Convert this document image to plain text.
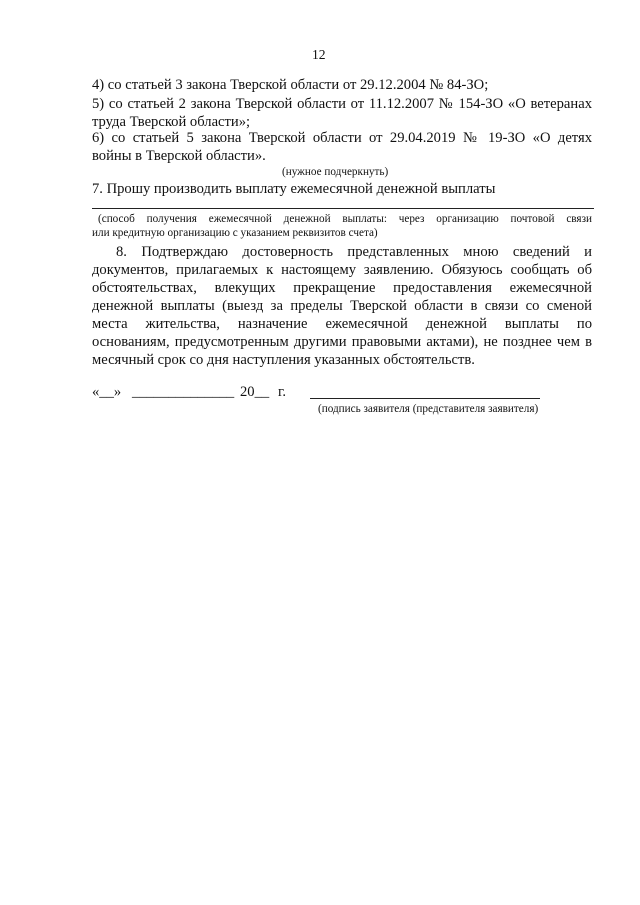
12
4) со статьей 3 закона Тверской области от 29.12.2004 № 84-ЗО;
5) со статьей 2 закона Тверской области от 11.12.2007 № 154-ЗО «О ветеранах
труда Тверской области»;
6) со статьей 5 закона Тверской области от 29.04.2019 № 19-ЗО «О детях
войны в Тверской области».
(нужное подчеркнуть)
7. Прошу производить выплату ежемесячной денежной выплаты
(способ получения ежемесячной денежной выплаты: через организацию почтовой связи
или кредитную организацию с указанием реквизитов счета)
8. Подтверждаю достоверность представленных мною сведений и
документов, прилагаемых к настоящему заявлению. Обязуюсь сообщать об
обстоятельствах, влекущих прекращение предоставления ежемесячной
денежной выплаты (выезд за пределы Тверской области в связи со сменой
места жительства, назначение ежемесячной денежной выплаты по
основаниям, предусмотренным другими правовыми актами), не позднее чем в
месячный срок со дня наступления указанных обстоятельств.
«__» ______________ 20__ г.
(подпись заявителя (представителя заявителя)
